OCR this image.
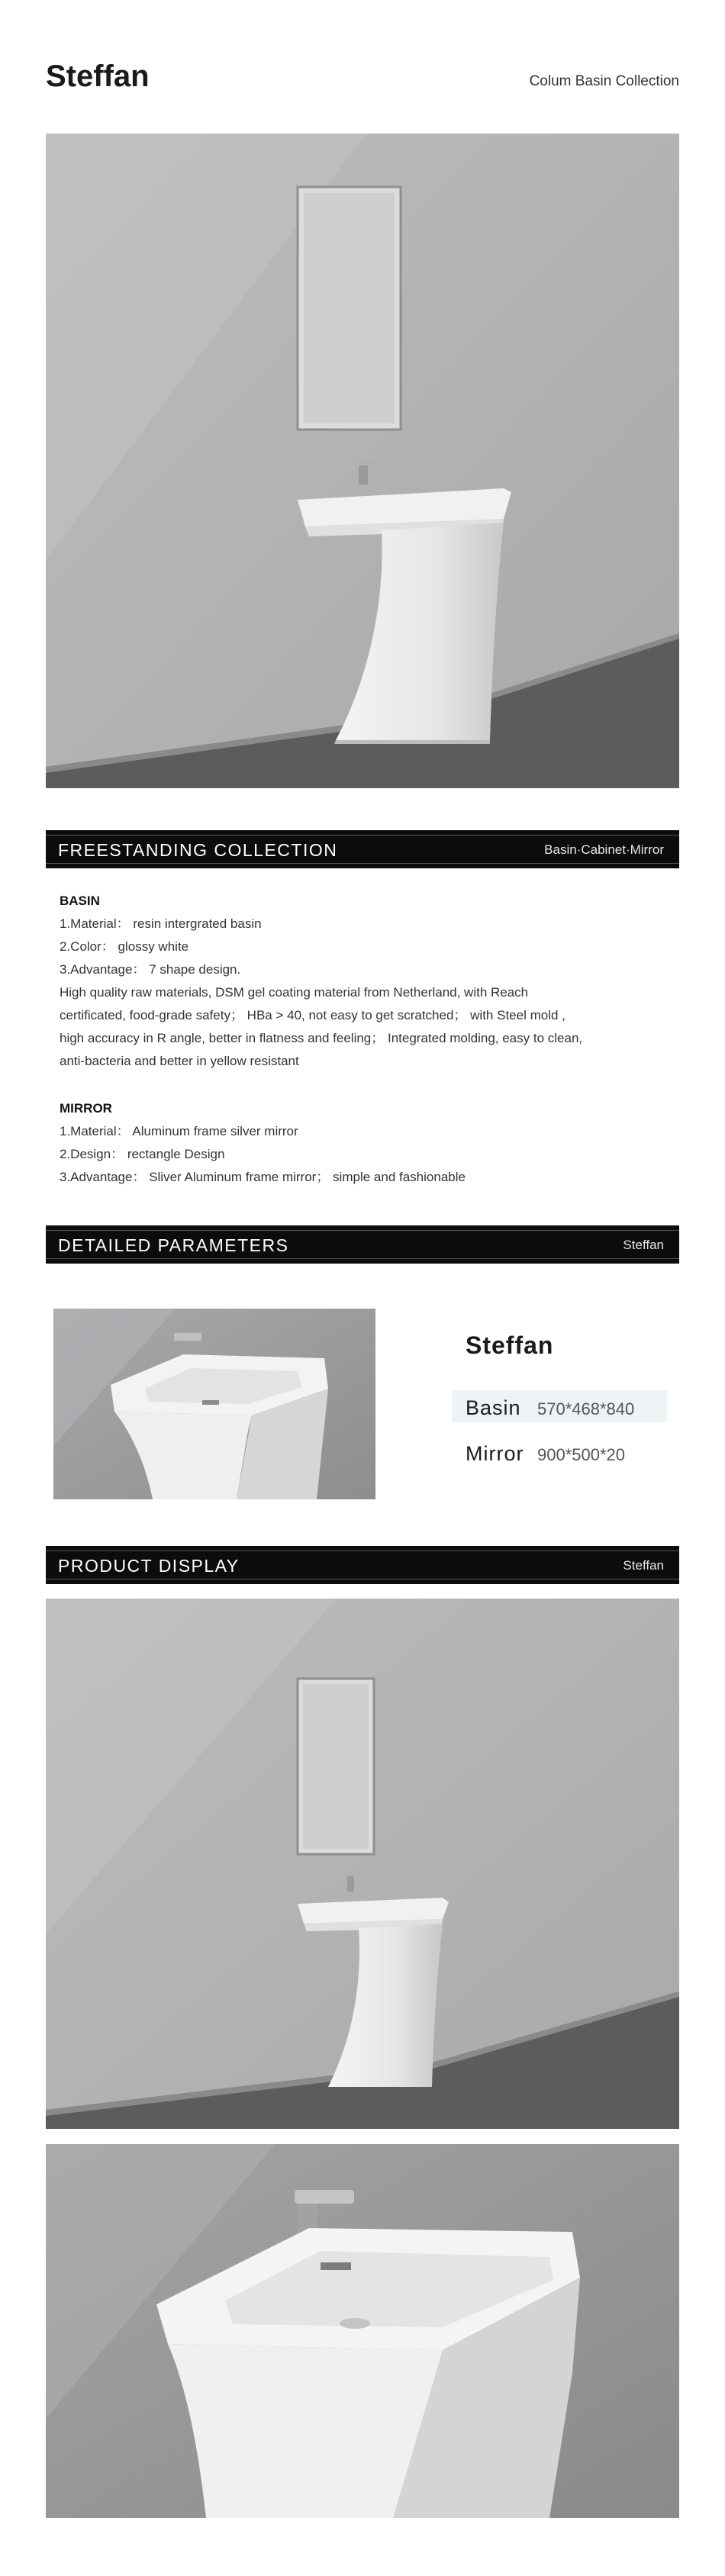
Steffan	Colum Basin Collection
FREESTANDING COLLECTION	Basin·Cabinet·Mirror

BASIN

1.Material： resin intergrated basin

2.Color： glossy white

3.Advantage： 7 shape design.

High quality raw materials, DSM gel coating material from Netherland, with Reach

certificated, food-grade safety； HBa > 40, not easy to get scratched； with Steel mold ,

high accuracy in R angle, better in flatness and feeling； Integrated molding, easy to clean,

anti-bacteria and better in yellow resistant

MIRROR

1.Material： Aluminum frame silver mirror

2.Design： rectangle Design

3.Advantage： Sliver Aluminum frame mirror； simple and fashionable

DETAILED PARAMETERS	Steffan
Steffan
Basin 570*468*840
Mirror 900*500*20
PRODUCT DISPLAY	Steffan
